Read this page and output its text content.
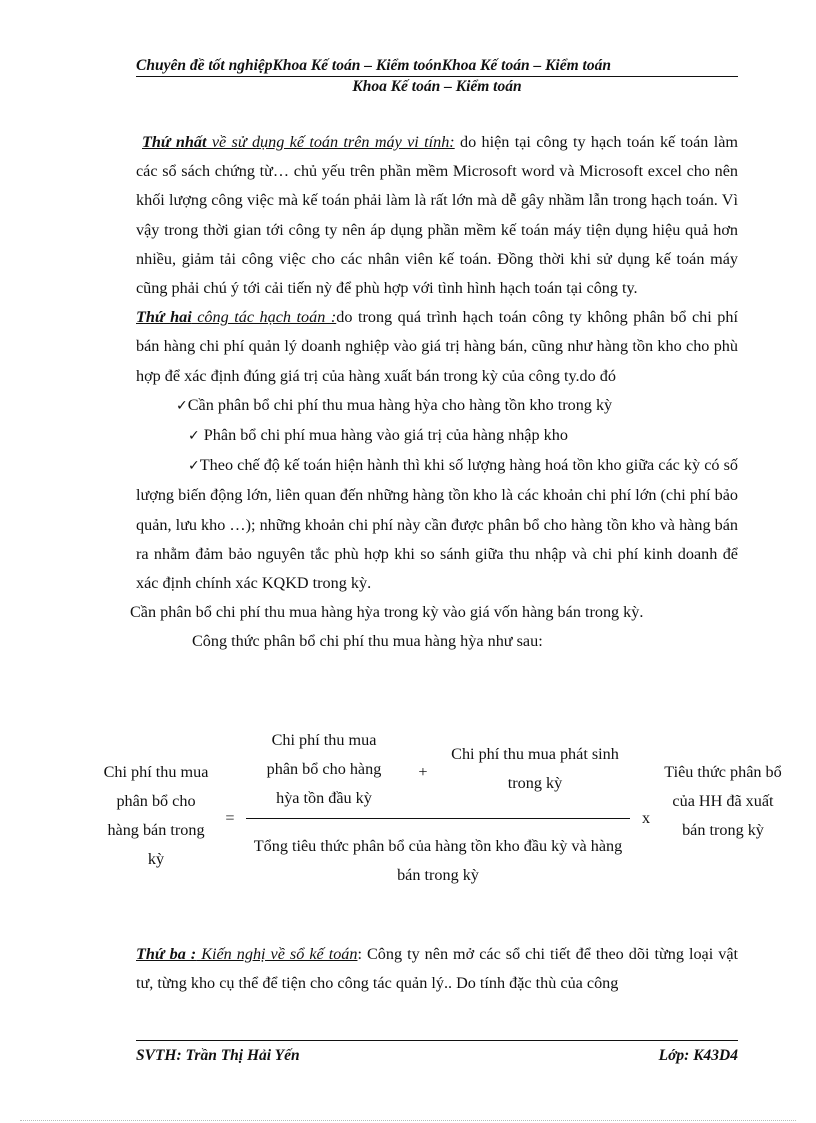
Chuyên đề tốt nghiệpKhoa Kế toán – Kiểm toónKhoa Kế toán – Kiểm toán
Khoa Kế toán – Kiểm toán

Thứ nhất về sử dụng kế toán trên máy vi tính: do hiện tại công ty hạch toán kế toán làm các sổ sách chứng từ… chủ yếu trên phần mềm Microsoft word và Microsoft excel cho nên khối lượng công việc mà kế toán phải làm là rất lớn mà dễ gây nhầm lẫn trong hạch toán. Vì vậy trong thời gian tới công ty nên áp dụng phần mềm kế toán máy tiện dụng hiệu quả hơn nhiều, giảm tải công việc cho các nhân viên kế toán. Đồng thời khi sử dụng kế toán máy cũng phải chú ý tới cải tiến nỳ để phù hợp với tình hình hạch toán tại công ty.

Thứ hai công tác hạch toán :do trong quá trình hạch toán công ty không phân bổ chi phí bán hàng chi phí quản lý doanh nghiệp vào giá trị hàng bán, cũng như hàng tồn kho cho phù hợp để xác định đúng giá trị của hàng xuất bán trong kỳ của công ty.do đó

✓Cần phân bổ chi phí thu mua hàng hỳa cho hàng tồn kho trong kỳ

✓ Phân bổ chi phí mua hàng vào giá trị của hàng nhập kho

✓Theo chế độ kế toán hiện hành thì khi số lượng hàng hoá tồn kho giữa các kỳ có số lượng biến động lớn, liên quan đến những hàng tồn kho là các khoản chi phí lớn (chi phí bảo quản, lưu kho …); những khoản chi phí này cần được phân bổ cho hàng tồn kho và hàng bán ra nhằm đảm bảo nguyên tắc phù hợp khi so sánh giữa thu nhập và chi phí kinh doanh để xác định chính xác KQKD trong kỳ.

Cần phân bổ chi phí thu mua hàng hỳa trong kỳ vào giá vốn hàng bán trong kỳ.

Công thức phân bổ chi phí thu mua hàng hỳa như sau:

Chi phí thu mua phân bổ cho hàng bán trong kỳ
=
Chi phí thu mua phân bổ cho hàng hỳa tồn đầu kỳ
+
Chi phí thu mua phát sinh trong kỳ
Tổng tiêu thức phân bổ của hàng tồn kho đầu kỳ và hàng bán trong kỳ
x
Tiêu thức phân bổ của HH đã xuất bán trong kỳ

Thứ ba : Kiến nghị về sổ kế toán: Công ty nên mở các sổ chi tiết để theo dõi từng loại vật tư, từng kho cụ thể để tiện cho công tác quản lý.. Do tính đặc thù của công

SVTH: Trần Thị Hải Yến	Lớp: K43D4
